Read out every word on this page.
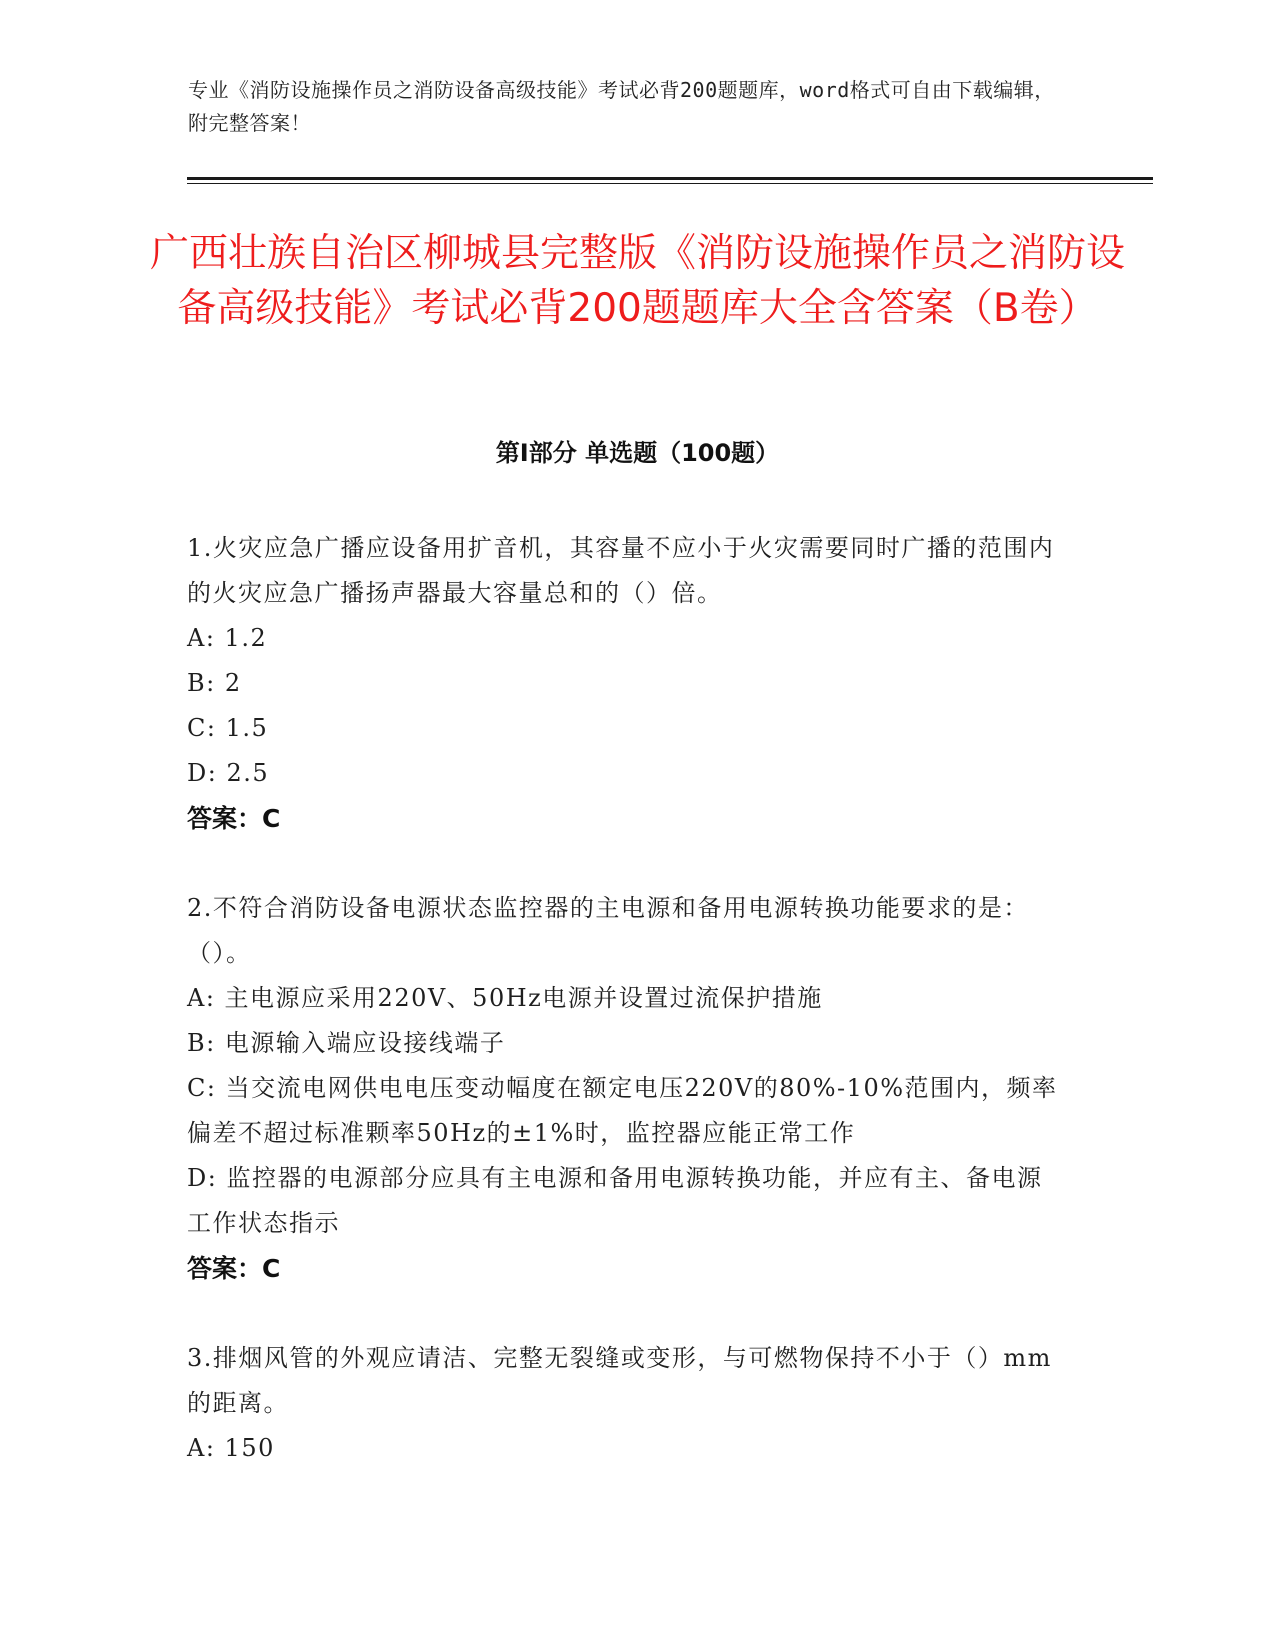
专业《消防设施操作员之消防设备高级技能》考试必背200题题库，word格式可自由下载编辑，附完整答案！
广西壮族自治区柳城县完整版《消防设施操作员之消防设备高级技能》考试必背200题题库大全含答案（B卷）
第I部分 单选题（100题）

1.火灾应急广播应设备用扩音机，其容量不应小于火灾需要同时广播的范围内的火灾应急广播扬声器最大容量总和的（）倍。

A: 1.2

B: 2

C: 1.5

D: 2.5

答案：C

2.不符合消防设备电源状态监控器的主电源和备用电源转换功能要求的是：（）。

A: 主电源应采用220V、50Hz电源并设置过流保护措施

B: 电源输入端应设接线端子

C: 当交流电网供电电压变动幅度在额定电压220V的80%-10%范围内，频率偏差不超过标准颗率50Hz的±1%时，监控器应能正常工作

D: 监控器的电源部分应具有主电源和备用电源转换功能，并应有主、备电源工作状态指示

答案：C

3.排烟风管的外观应请洁、完整无裂缝或变形，与可燃物保持不小于（）mm的距离。

A: 150
